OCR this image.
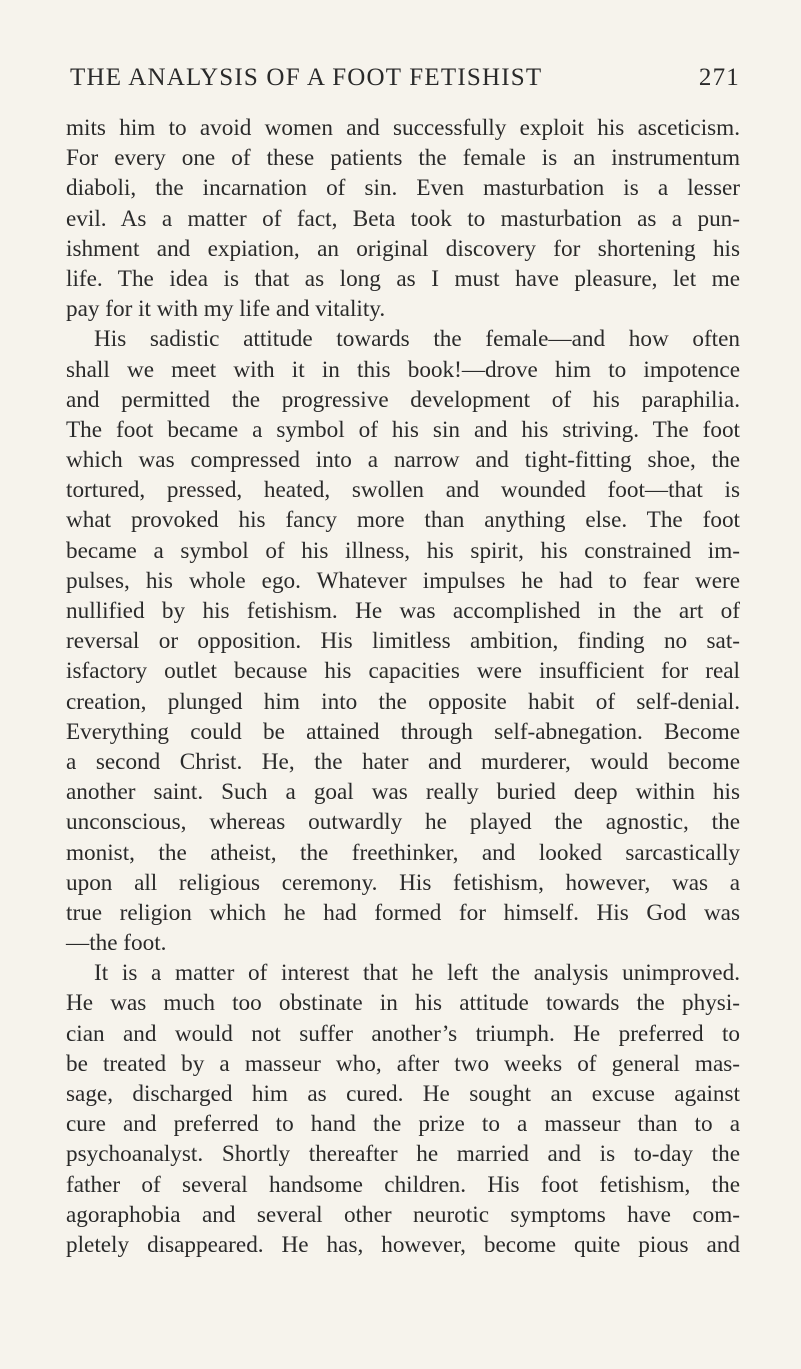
THE ANALYSIS OF A FOOT FETISHIST	271
mits him to avoid women and successfully exploit his asceticism.
For every one of these patients the female is an instrumentum
diaboli, the incarnation of sin. Even masturbation is a lesser
evil. As a matter of fact, Beta took to masturbation as a pun-
ishment and expiation, an original discovery for shortening his
life. The idea is that as long as I must have pleasure, let me
pay for it with my life and vitality.
His sadistic attitude towards the female—and how often
shall we meet with it in this book!—drove him to impotence
and permitted the progressive development of his paraphilia.
The foot became a symbol of his sin and his striving. The foot
which was compressed into a narrow and tight-fitting shoe, the
tortured, pressed, heated, swollen and wounded foot—that is
what provoked his fancy more than anything else. The foot
became a symbol of his illness, his spirit, his constrained im-
pulses, his whole ego. Whatever impulses he had to fear were
nullified by his fetishism. He was accomplished in the art of
reversal or opposition. His limitless ambition, finding no sat-
isfactory outlet because his capacities were insufficient for real
creation, plunged him into the opposite habit of self-denial.
Everything could be attained through self-abnegation. Become
a second Christ. He, the hater and murderer, would become
another saint. Such a goal was really buried deep within his
unconscious, whereas outwardly he played the agnostic, the
monist, the atheist, the freethinker, and looked sarcastically
upon all religious ceremony. His fetishism, however, was a
true religion which he had formed for himself. His God was
—the foot.
It is a matter of interest that he left the analysis unimproved.
He was much too obstinate in his attitude towards the physi-
cian and would not suffer another’s triumph. He preferred to
be treated by a masseur who, after two weeks of general mas-
sage, discharged him as cured. He sought an excuse against
cure and preferred to hand the prize to a masseur than to a
psychoanalyst. Shortly thereafter he married and is to-day the
father of several handsome children. His foot fetishism, the
agoraphobia and several other neurotic symptoms have com-
pletely disappeared. He has, however, become quite pious and
